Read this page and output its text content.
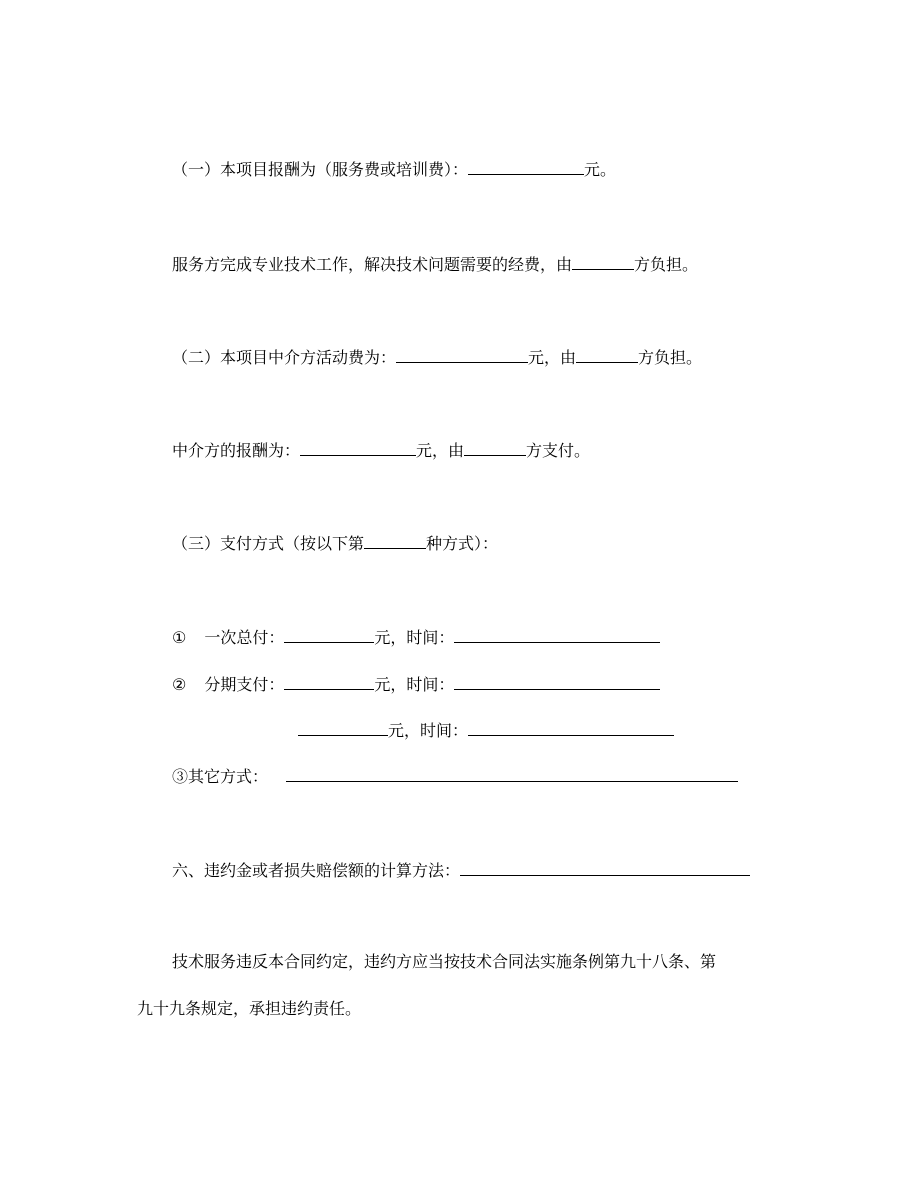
（一）本项目报酬为（服务费或培训费）：	元。
服务方完成专业技术工作，解决技术问题需要的经费，由	方负担。
（二）本项目中介方活动费为：	元，由	方负担。
中介方的报酬为：	元，由	方支付。
（三）支付方式（按以下第	种方式）：
① 一次总付：	元，时间：
② 分期支付：	元，时间：
元，时间：
③其它方式：
六、违约金或者损失赔偿额的计算方法：
技术服务违反本合同约定，违约方应当按技术合同法实施条例第九十八条、第
九十九条规定，承担违约责任。
